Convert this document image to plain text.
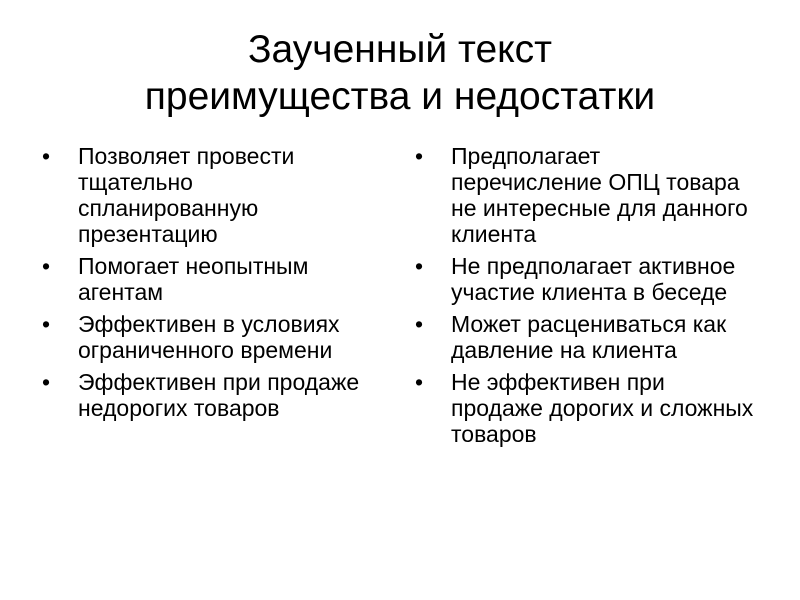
Заученный текст
преимущества и недостатки
•	Позволяет провести тщательно спланированную презентацию
•	Помогает неопытным агентам
•	Эффективен в условиях ограниченного времени
•	Эффективен при продаже недорогих товаров
•	Предполагает перечисление ОПЦ товара не интересные для данного клиента
•	Не предполагает активное участие клиента в беседе
•	Может расцениваться как давление на клиента
•	Не эффективен при продаже дорогих и сложных товаров
